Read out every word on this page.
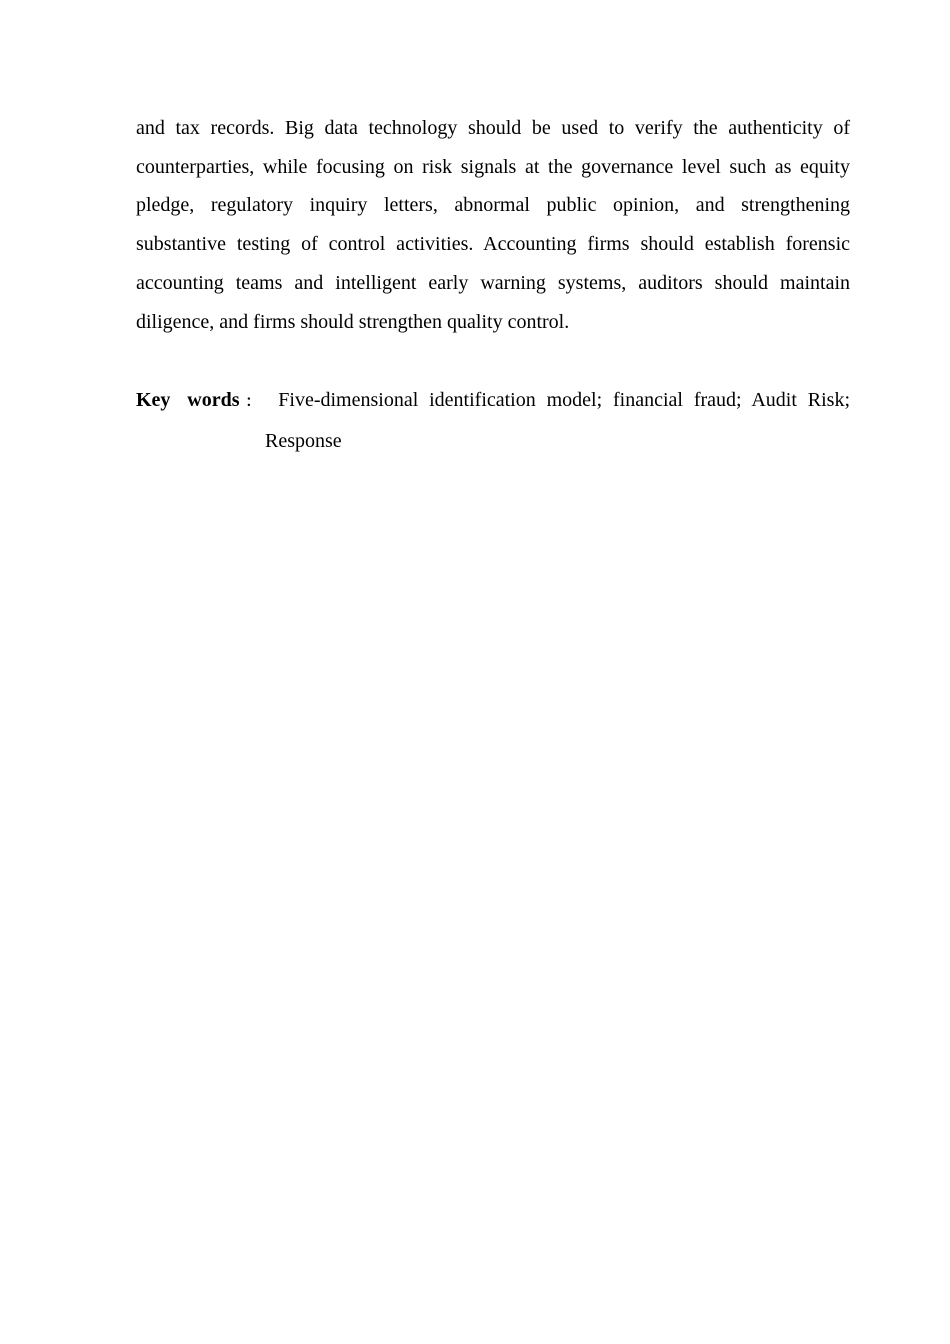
and tax records. Big data technology should be used to verify the authenticity of counterparties, while focusing on risk signals at the governance level such as equity pledge, regulatory inquiry letters, abnormal public opinion, and strengthening substantive testing of control activities. Accounting firms should establish forensic accounting teams and intelligent early warning systems, auditors should maintain diligence, and firms should strengthen quality control.

Key words： Five-dimensional identification model; financial fraud; Audit Risk; Response
